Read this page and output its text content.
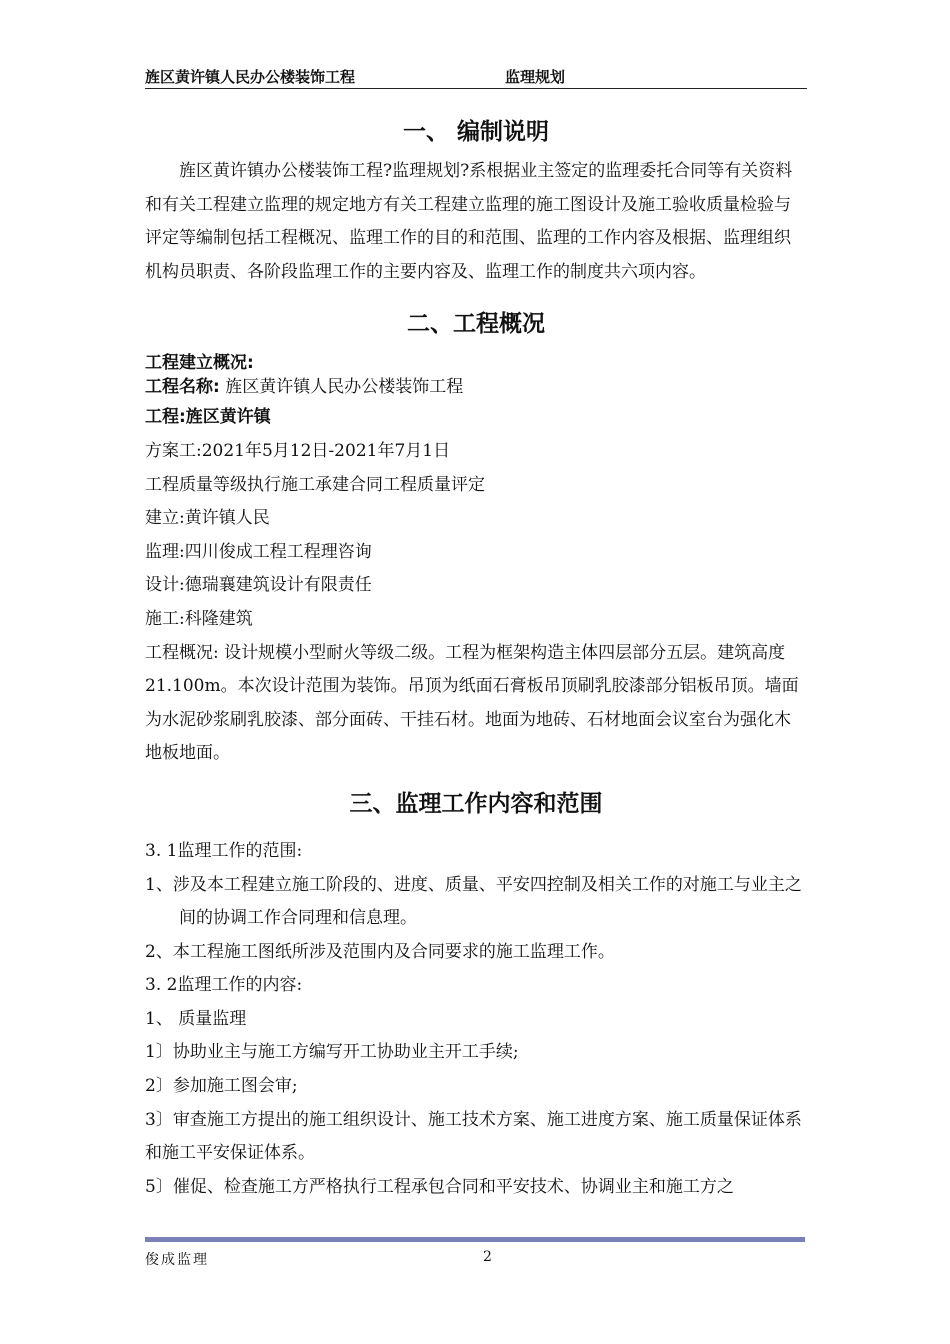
旌区黄许镇人民办公楼装饰工程	监理规划
一、 编制说明

旌区黄许镇办公楼装饰工程?监理规划?系根据业主签定的监理委托合同等有关资料和有关工程建立监理的规定地方有关工程建立监理的施工图设计及施工验收质量检验与评定等编制包括工程概况、监理工作的目的和范围、监理的工作内容及根据、监理组织机构员职责、各阶段监理工作的主要内容及、监理工作的制度共六项内容。

二、工程概况

工程建立概况:

工程名称: 旌区黄许镇人民办公楼装饰工程

工程:旌区黄许镇

方案工:2021年5月12日-2021年7月1日

工程质量等级执行施工承建合同工程质量评定

建立:黄许镇人民

监理:四川俊成工程工程理咨询

设计:德瑞襄建筑设计有限责任

施工:科隆建筑

工程概况: 设计规模小型耐火等级二级。工程为框架构造主体四层部分五层。建筑高度21.100m。本次设计范围为装饰。吊顶为纸面石膏板吊顶刷乳胶漆部分铝板吊顶。墙面为水泥砂浆刷乳胶漆、部分面砖、干挂石材。地面为地砖、石材地面会议室台为强化木地板地面。

三、监理工作内容和范围

3. 1监理工作的范围:

1、涉及本工程建立施工阶段的、进度、质量、平安四控制及相关工作的对施工与业主之间的协调工作合同理和信息理。

2、本工程施工图纸所涉及范围内及合同要求的施工监理工作。

3. 2监理工作的内容:

1、 质量监理

1〕协助业主与施工方编写开工协助业主开工手续;

2〕参加施工图会审;

3〕审查施工方提出的施工组织设计、施工技术方案、施工进度方案、施工质量保证体系和施工平安保证体系。

5〕催促、检查施工方严格执行工程承包合同和平安技术、协调业主和施工方之

俊成监理	2
